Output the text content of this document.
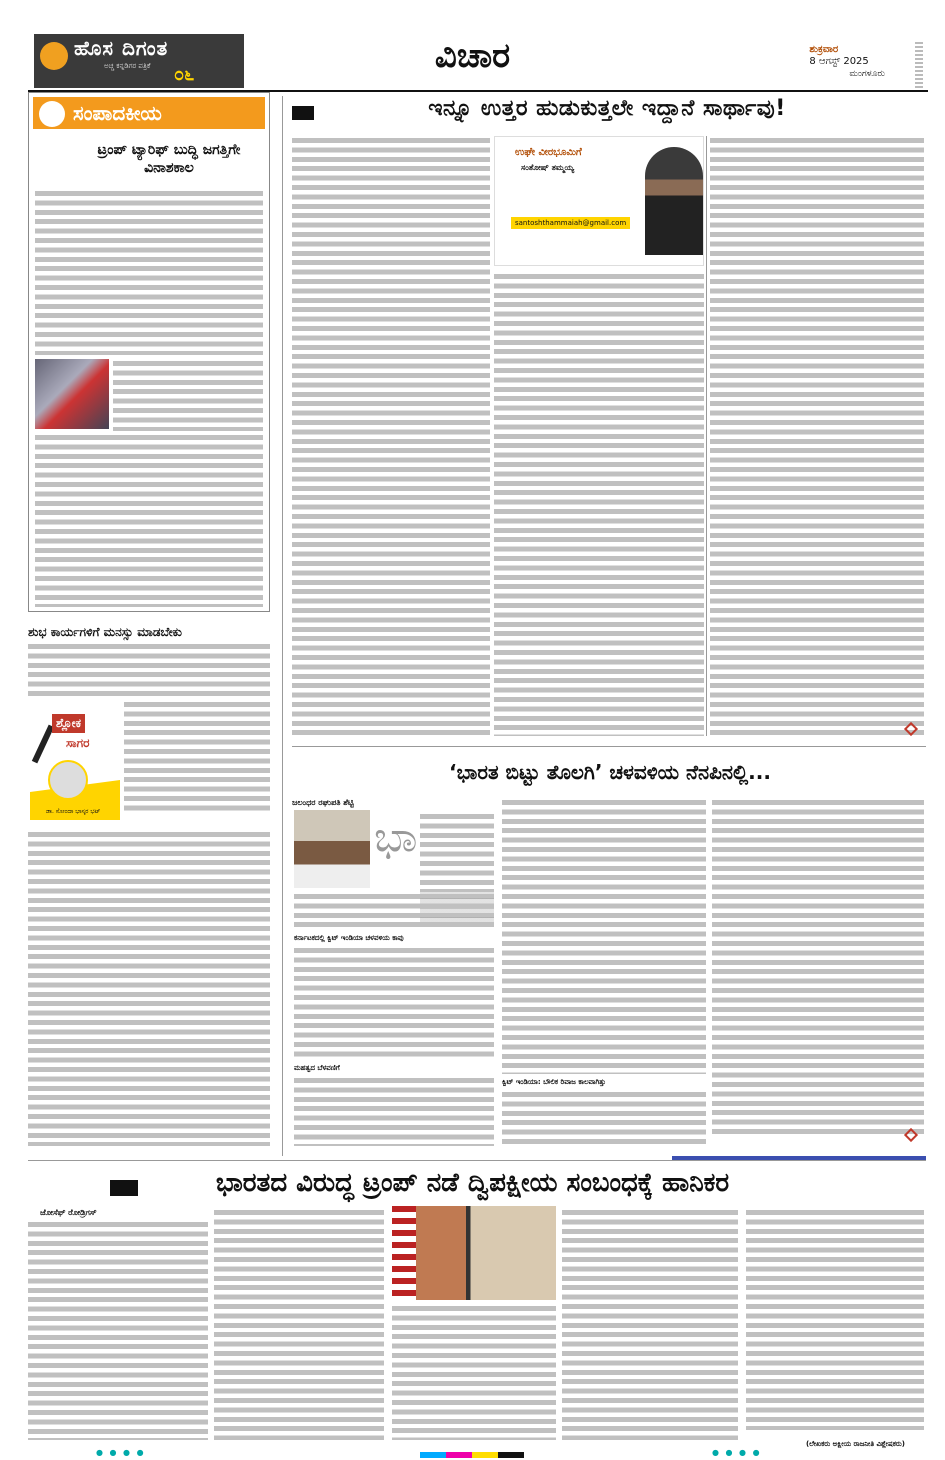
ಹೊಸ ದಿಗಂತ
ಅಚ್ಚ ಕನ್ನಡಿಗರ ಪತ್ರಿಕೆ ೦೬	ವಿಚಾರ	ಶುಕ್ರವಾರ
8 ಆಗಸ್ಟ್ 2025
ಮಂಗಳೂರು
ಸಂಪಾದಕೀಯ
ಟ್ರಂಪ್ ಟ್ಯಾರಿಫ್ ಬುದ್ಧಿ ಜಗತ್ತಿಗೇ ವಿನಾಶಕಾಲ
ಇನ್ನೂ ಉತ್ತರ ಹುಡುಕುತ್ತಲೇ ಇದ್ದಾನೆ ಸಾರ್ಥಾವು!
ಉಘೇ ವೀರಭೂಮಿಗೆ
ಸಂತೋಷ್ ತಮ್ಮಯ್ಯ
santoshthammaiah@gmail.com
ಶುಭ ಕಾರ್ಯಗಳಿಗೆ ಮನಸ್ಸು ಮಾಡಬೇಕು
ಶ್ಲೋಕ
ಸಾಗರ
ಡಾ. ಸೋಂದಾ ಭಾಸ್ಕರ ಭಟ್
‘ಭಾರತ ಬಿಟ್ಟು ತೊಲಗಿ’ ಚಳವಳಿಯ ನೆನಪಿನಲ್ಲಿ...
ಜಲಂಧರ ರಘುಪತಿ ಶೆಟ್ಟಿ
ಭಾ
ಕರ್ನಾಟಕದಲ್ಲಿ ಕ್ವಿಟ್ ಇಂಡಿಯಾ ಚಳವಳಿಯ ಕಾವು
ಮಹತ್ವದ ಬೆಳವಣಿಗೆ
ಕ್ವಿಟ್ ಇಂಡಿಯಾ: ಬೌಲಿಕ ರಿವಾಜ ಕಾಲವಾಗಿತ್ತು
ಭಾರತದ ವಿರುದ್ಧ ಟ್ರಂಪ್ ನಡೆ ದ್ವಿಪಕ್ಷೀಯ ಸಂಬಂಧಕ್ಕೆ ಹಾನಿಕರ
ಜೋಸೆಫ್ ರೋಡ್ರಿಗಸ್
(ಲೇಖಕರು ಅಕ್ಷೀಯ ರಾಜನೀತಿ ವಿಶ್ಲೇಷಕರು)
● ● ● ●	● ● ● ●
